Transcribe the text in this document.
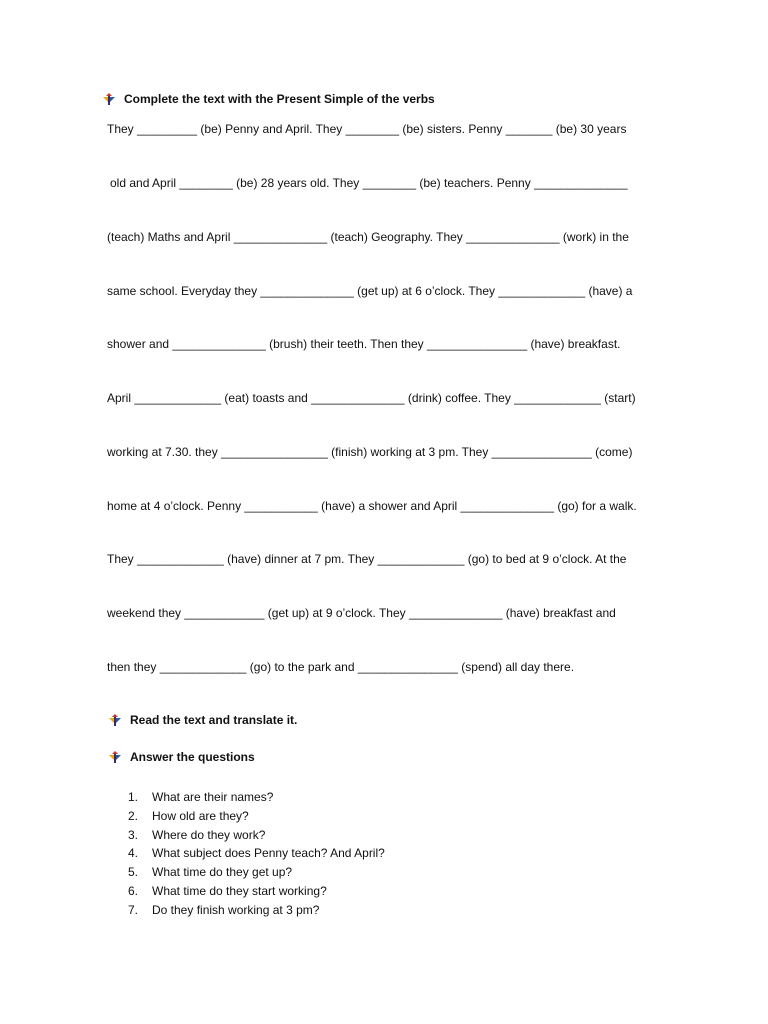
Complete the text with the Present Simple of the verbs
They _________ (be) Penny and April. They ________ (be) sisters. Penny _______ (be) 30 years
old and April ________ (be) 28 years old. They ________ (be) teachers. Penny ______________
(teach) Maths and April ______________ (teach) Geography. They ______________ (work) in the
same school. Everyday they ______________ (get up) at 6 o’clock. They _____________ (have) a
shower and ______________ (brush) their teeth. Then they _______________ (have) breakfast.
April _____________ (eat) toasts and ______________ (drink) coffee. They _____________ (start)
working at 7.30. they ________________ (finish) working at 3 pm. They _______________ (come)
home at 4 o’clock. Penny ___________ (have) a shower and April ______________ (go) for a walk.
They _____________ (have) dinner at 7 pm. They _____________ (go) to bed at 9 o’clock. At the
weekend they ____________ (get up) at 9 o’clock. They ______________ (have) breakfast and
then they _____________ (go) to the park and _______________ (spend) all day there.
Read the text and translate it.
Answer the questions
1.	What are their names?
2.	How old are they?
3.	Where do they work?
4.	What subject does Penny teach? And April?
5.	What time do they get up?
6.	What time do they start working?
7.	Do they finish working at 3 pm?
